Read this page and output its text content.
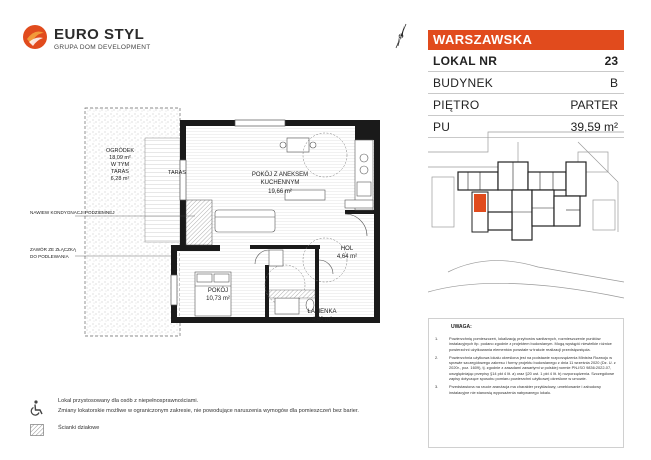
EURO STYL
GRUPA DOM DEVELOPMENT
WARSZAWSKA
LOKAL NR	23
BUDYNEK	B
PIĘTRO	PARTER
PU	39,59 m²
POKÓJ Z ANEKSEM
KUCHENNYM
19,66 m²
POKÓJ
10,73 m²
HOL
4,64 m²
ŁAZIENKA
4,56 m²
OGRÓDEK
18,09 m²
W TYM
TARAS
6,28 m²
TARAS
NAWIEW KONDYGNACJI PODZIEMNEJ
ZAWÓR ZE ZŁĄCZKĄ
DO PODLEWANIA
UWAGA:
1.	Powierzchnię pomieszczeń, lokalizację przyborów sanitarnych, rozmieszczenie punktów instalacyjnych itp. podano zgodnie z projektem budowlanym. Mogą wystąpić niewielkie różnice powierzchni użytkowania elementów powstałe w trakcie realizacji przedsięwzięcia.
2.	Powierzchnia użytkowa lokalu określona jest na podstawie rozporządzenia Ministra Rozwoju w sprawie szczegółowego zakresu i formy projektu budowlanego z dnia 11 września 2020 (Dz. U. z 2020r., poz. 1609), tj. zgodnie z zasadami zawartymi w polskiej normie PN-ISO 9836:2022-07, uwzględniając przepisy §14 pkt 4 lit. a) oraz §20 ust. 1 pkt 4 lit. b) rozporządzenia. Szczegółowe zapisy dotyczące sposobu pomiaru powierzchni użytkowej określone w umowie.
3.	Przedstawiona na rzucie aranżacja ma charakter przykładowy, umeblowanie i zabudowy instalacyjne nie stanowią wyposażenia nabywanego lokalu.
Lokal przystosowany dla osób z niepełnosprawnościami.
Zmiany lokatorskie możliwe w ograniczonym zakresie, nie powodujące naruszenia wymogów dla pomieszczeń bez barier.
Ścianki działowe
